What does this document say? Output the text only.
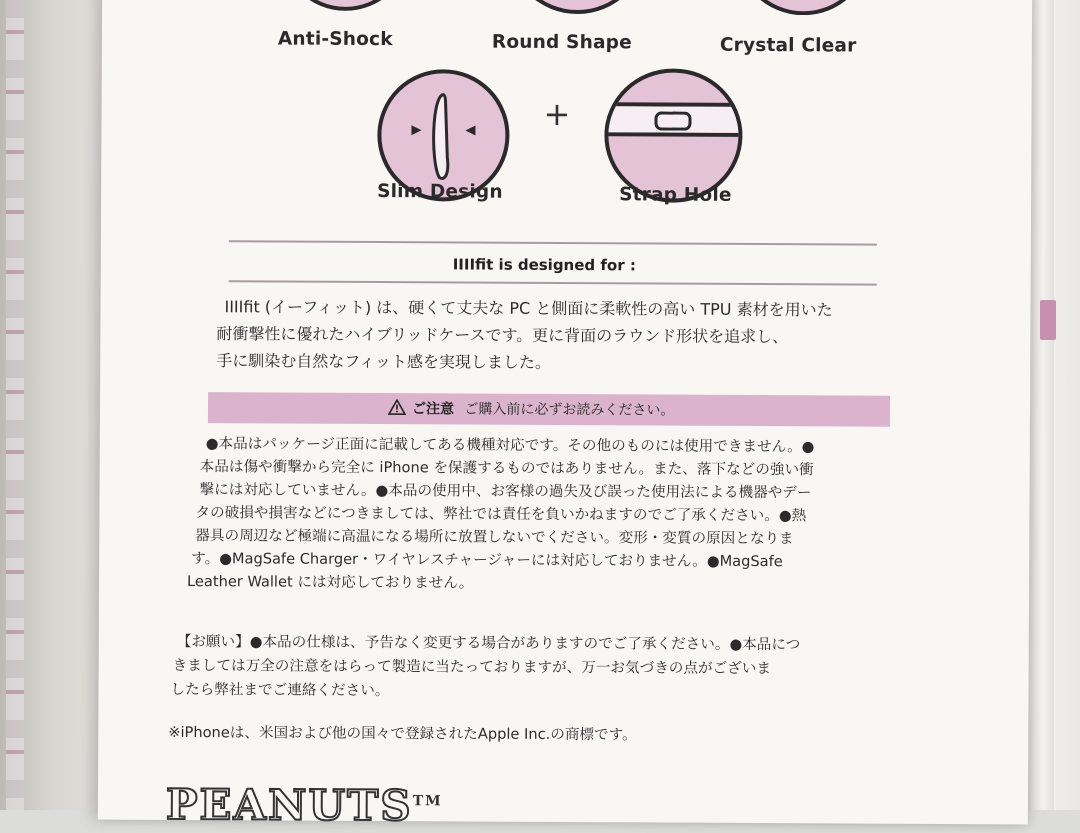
Anti-Shock	Round Shape	Crystal Clear
+
Slim Design	Strap Hole
IIIIfit is designed for :
IIIIfit (イーフィット) は、硬くて丈夫な PC と側面に柔軟性の高い TPU 素材を用いた
耐衝撃性に優れたハイブリッドケースです。更に背面のラウンド形状を追求し、
手に馴染む自然なフィット感を実現しました。
ご注意 ご購入前に必ずお読みください。
●本品はパッケージ正面に記載してある機種対応です。その他のものには使用できません。●
本品は傷や衝撃から完全に iPhone を保護するものではありません。また、落下などの強い衝
撃には対応していません。●本品の使用中、お客様の過失及び誤った使用法による機器やデー
タの破損や損害などにつきましては、弊社では責任を負いかねますのでご了承ください。●熱
器具の周辺など極端に高温になる場所に放置しないでください。変形・変質の原因となりま
す。●MagSafe Charger・ワイヤレスチャージャーには対応しておりません。●MagSafe
Leather Wallet には対応しておりません。
【お願い】●本品の仕様は、予告なく変更する場合がありますのでご了承ください。●本品につ
きましては万全の注意をはらって製造に当たっておりますが、万一お気づきの点がございま
したら弊社までご連絡ください。
※iPhoneは、米国および他の国々で登録されたApple Inc.の商標です。
PEANUTS™
